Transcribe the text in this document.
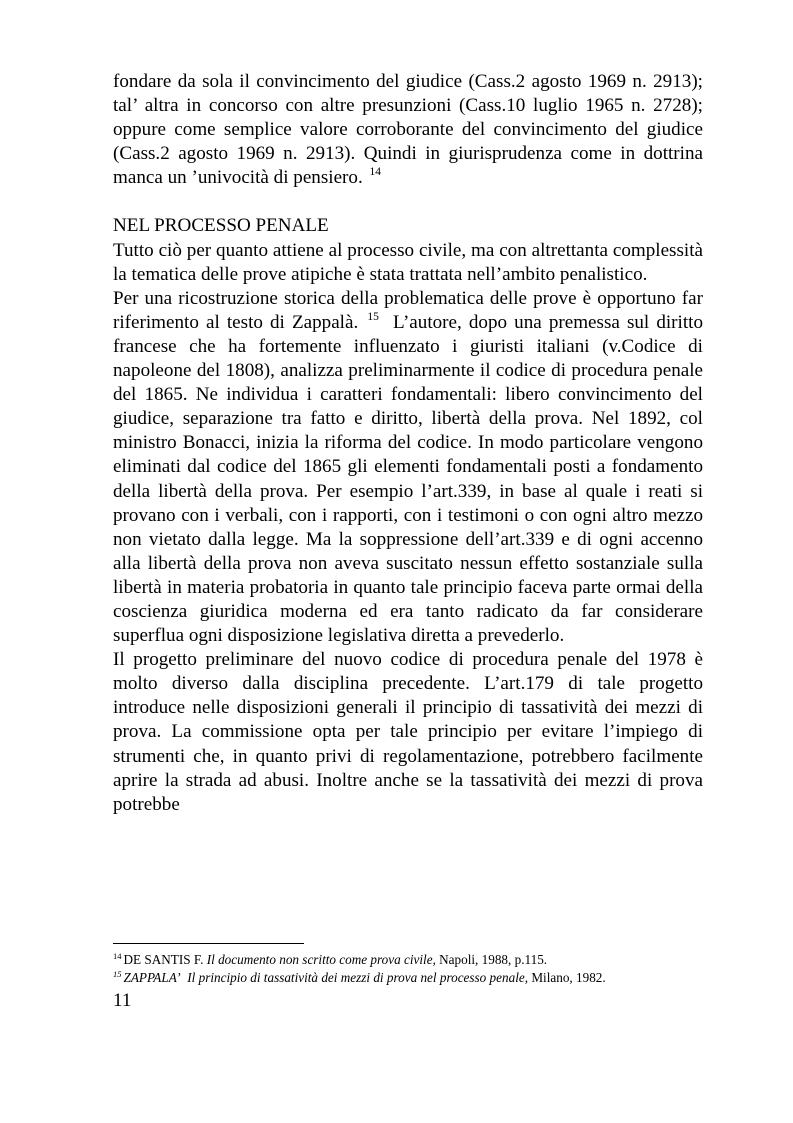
fondare da sola il convincimento del giudice (Cass.2 agosto 1969 n. 2913); tal’ altra in concorso con altre presunzioni (Cass.10 luglio 1965 n. 2728); oppure come semplice valore corroborante del convincimento del giudice (Cass.2 agosto 1969 n. 2913). Quindi in giurisprudenza come in dottrina manca un ’univocità di pensiero. $^{14}$

NEL PROCESSO PENALE

Tutto ciò per quanto attiene al processo civile, ma con altrettanta complessità la tematica delle prove atipiche è stata trattata nell’ambito penalistico.

Per una ricostruzione storica della problematica delle prove è opportuno far riferimento al testo di Zappalà. $^{15}$ L’autore, dopo una premessa sul diritto francese che ha fortemente influenzato i giuristi italiani (v.Codice di napoleone del 1808), analizza preliminarmente il codice di procedura penale del 1865. Ne individua i caratteri fondamentali: libero convincimento del giudice, separazione tra fatto e diritto, libertà della prova. Nel 1892, col ministro Bonacci, inizia la riforma del codice. In modo particolare vengono eliminati dal codice del 1865 gli elementi fondamentali posti a fondamento della libertà della prova. Per esempio l’art.339, in base al quale i reati si provano con i verbali, con i rapporti, con i testimoni o con ogni altro mezzo non vietato dalla legge. Ma la soppressione dell’art.339 e di ogni accenno alla libertà della prova non aveva suscitato nessun effetto sostanziale sulla libertà in materia probatoria in quanto tale principio faceva parte ormai della coscienza giuridica moderna ed era tanto radicato da far considerare superflua ogni disposizione legislativa diretta a prevederlo.

Il progetto preliminare del nuovo codice di procedura penale del 1978 è molto diverso dalla disciplina precedente. L’art.179 di tale progetto introduce nelle disposizioni generali il principio di tassatività dei mezzi di prova. La commissione opta per tale principio per evitare l’impiego di strumenti che, in quanto privi di regolamentazione, potrebbero facilmente aprire la strada ad abusi. Inoltre anche se la tassatività dei mezzi di prova potrebbe

$^{14}$ DE SANTIS F. Il documento non scritto come prova civile, Napoli, 1988, p.115.

$^{15}$ ZAPPALA’ Il principio di tassatività dei mezzi di prova nel processo penale, Milano, 1982.

11
